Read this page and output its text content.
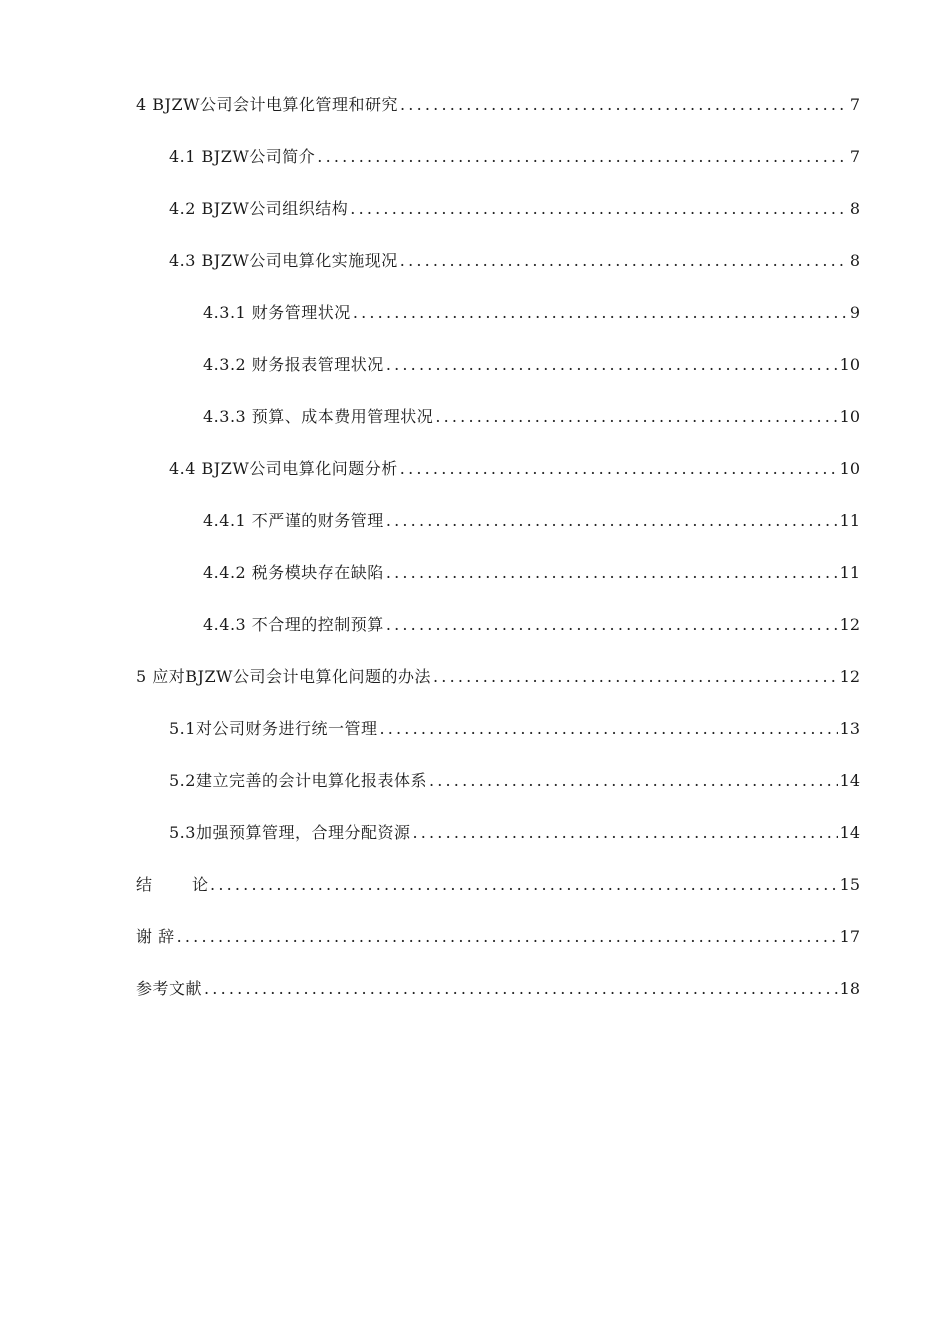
4 BJZW公司会计电算化管理和研究 .....	7
4.1 BJZW公司简介 .....	7
4.2 BJZW公司组织结构 .....	8
4.3 BJZW公司电算化实施现况 .....	8
4.3.1 财务管理状况 .....	9
4.3.2 财务报表管理状况 .....	10
4.3.3 预算、成本费用管理状况 .....	10
4.4 BJZW公司电算化问题分析 .....	10
4.4.1 不严谨的财务管理 .....	11
4.4.2 税务模块存在缺陷 .....	11
4.4.3 不合理的控制预算 .....	12
5 应对BJZW公司会计电算化问题的办法 .....	12
5.1对公司财务进行统一管理 .....	13
5.2建立完善的会计电算化报表体系 .....	14
5.3加强预算管理，合理分配资源 .....	14
结	论 .....	15
谢 辞 .....	17
参考文献 .....	18
